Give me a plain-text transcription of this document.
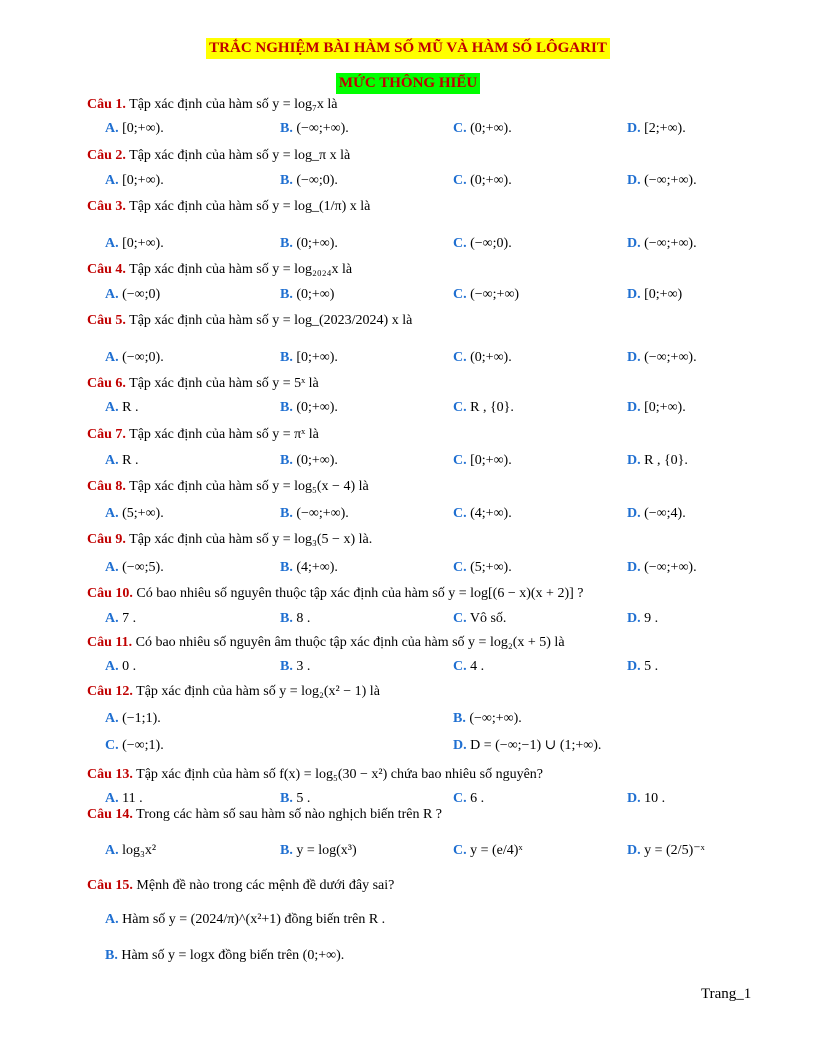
TRẮC NGHIỆM BÀI HÀM SỐ MŨ VÀ HÀM SỐ LÔGARIT
MỨC THÔNG HIỂU
Câu 1. Tập xác định của hàm số y = log₇x là
A. [0;+∞).	B. (−∞;+∞).	C. (0;+∞).	D. [2;+∞).
Câu 2. Tập xác định của hàm số y = log_π x là
A. [0;+∞).	B. (−∞;0).	C. (0;+∞).	D. (−∞;+∞).
Câu 3. Tập xác định của hàm số y = log_(1/π) x là
A. [0;+∞).	B. (0;+∞).	C. (−∞;0).	D. (−∞;+∞).
Câu 4. Tập xác định của hàm số y = log₂₀₂₄x là
A. (−∞;0)	B. (0;+∞)	C. (−∞;+∞)	D. [0;+∞)
Câu 5. Tập xác định của hàm số y = log_(2023/2024) x là
A. (−∞;0).	B. [0;+∞).	C. (0;+∞).	D. (−∞;+∞).
Câu 6. Tập xác định của hàm số y = 5ˣ là
A. R .	B. (0;+∞).	C. R , {0}.	D. [0;+∞).
Câu 7. Tập xác định của hàm số y = πˣ là
A. R .	B. (0;+∞).	C. [0;+∞).	D. R , {0}.
Câu 8. Tập xác định của hàm số y = log₅(x − 4) là
A. (5;+∞).	B. (−∞;+∞).	C. (4;+∞).	D. (−∞;4).
Câu 9. Tập xác định của hàm số y = log₃(5 − x) là.
A. (−∞;5).	B. (4;+∞).	C. (5;+∞).	D. (−∞;+∞).
Câu 10. Có bao nhiêu số nguyên thuộc tập xác định của hàm số y = log[(6 − x)(x + 2)] ?
A. 7 .	B. 8 .	C. Vô số.	D. 9 .
Câu 11. Có bao nhiêu số nguyên âm thuộc tập xác định của hàm số y = log₂(x + 5) là
A. 0 .	B. 3 .	C. 4 .	D. 5 .
Câu 12. Tập xác định của hàm số y = log₂(x² − 1) là
A. (−1;1).	B. (−∞;+∞).
C. (−∞;1).	D. D = (−∞;−1) ∪ (1;+∞).
Câu 13. Tập xác định của hàm số f(x) = log₅(30 − x²) chứa bao nhiêu số nguyên?
A. 11 .	B. 5 .	C. 6 .	D. 10 .
Câu 14. Trong các hàm số sau hàm số nào nghịch biến trên R ?
A. log₃x²	B. y = log(x³)	C. y = (e/4)ˣ	D. y = (2/5)⁻ˣ
Câu 15. Mệnh đề nào trong các mệnh đề dưới đây sai?
A. Hàm số y = (2024/π)^(x²+1) đồng biến trên R .
B. Hàm số y = logx đồng biến trên (0;+∞).
Trang_1
